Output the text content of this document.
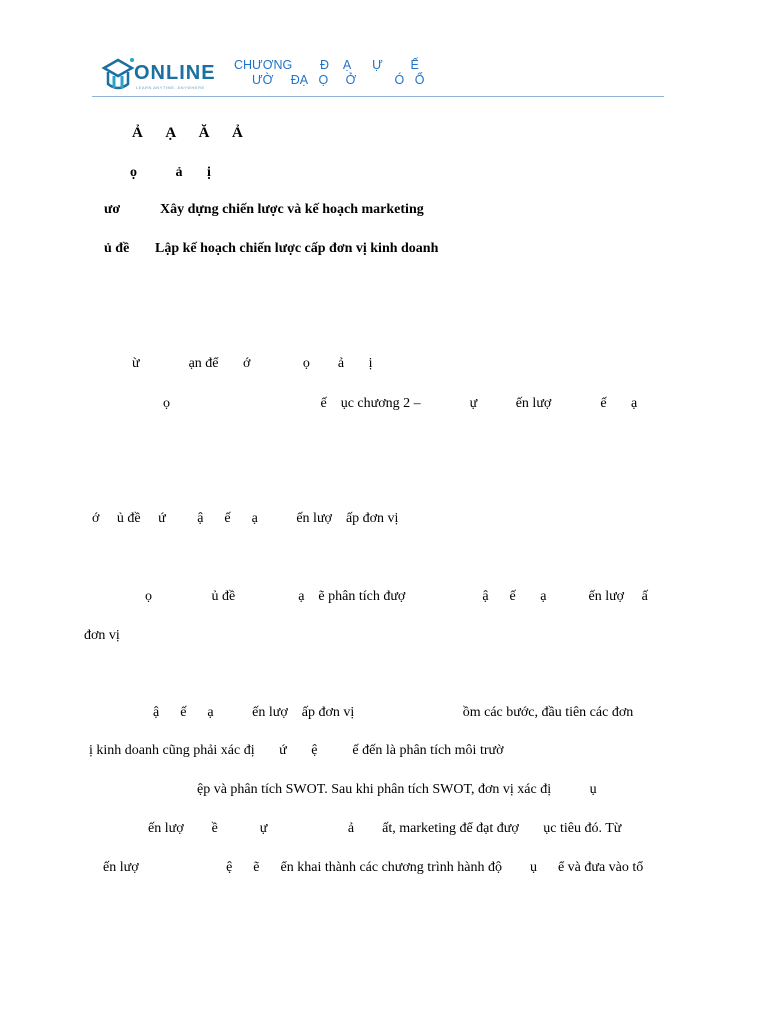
ONLINE
LEARN ANYTIME, ANYWHERE
CHƯƠNG        Đ    Ạ      Ự        Ế
ƯỜ     ĐẠ   Ọ     Ở           Ó   Ổ
Ả      Ạ      Ă      Ả
ọ           ả       ị
ươ	Xây dựng chiến lược và kế hoạch marketing
ủ đề Lập kế hoạch chiến lược cấp đơn vị kinh doanh
ừ              ạn để       ớ               ọ        ả       ị
ọ                                           ế    ục chương 2 –              ự           ến lượ              ế       ạ
ớ     ủ đề     ứ         ậ      ế      ạ           ến lượ    ấp đơn vị
ọ                 ủ đề                  ạ    ẽ phân tích đượ                      ậ      ế       ạ            ến lượ     ấ
đơn vị
ậ      ế      ạ           ến lượ    ấp đơn vị                               ồm các bước, đầu tiên các đơn
ị kinh doanh cũng phải xác đị       ứ       ệ          ế đến là phân tích môi trườ
ệp và phân tích SWOT. Sau khi phân tích SWOT, đơn vị xác đị           ụ
ến lượ        ề            ự                       ả        ất, marketing để đạt đượ       ục tiêu đó. Từ
ến lượ                         ệ      ẽ      ển khai thành các chương trình hành độ        ụ      ể và đưa vào tổ
